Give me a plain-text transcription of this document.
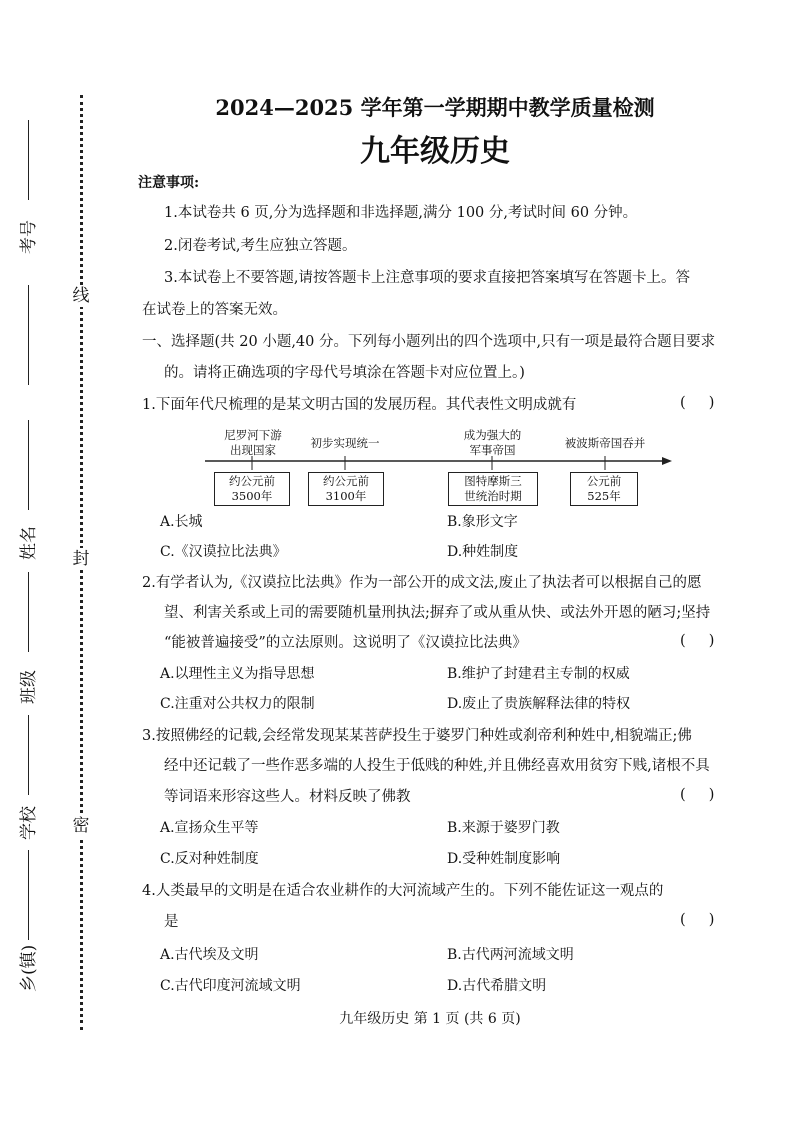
线
封
密
考号
姓名
班级
学校
乡(镇)
2024—2025 学年第一学期期中教学质量检测
九年级历史
注意事项:
1.本试卷共 6 页,分为选择题和非选择题,满分 100 分,考试时间 60 分钟。
2.闭卷考试,考生应独立答题。
3.本试卷上不要答题,请按答题卡上注意事项的要求直接把答案填写在答题卡上。答
在试卷上的答案无效。
一、选择题(共 20 小题,40 分。下列每小题列出的四个选项中,只有一项是最符合题目要求
的。请将正确选项的字母代号填涂在答题卡对应位置上。)
1.下面年代尺梳理的是某文明古国的发展历程。其代表性文明成就有	(     )
尼罗河下游
出现国家	初步实现统一
成为强大的
军事帝国	被波斯帝国吞并
约公元前
3500年
约公元前
3100年
图特摩斯三
世统治时期
公元前
525年
A.长城	B.象形文字
C.《汉谟拉比法典》	D.种姓制度
2.有学者认为,《汉谟拉比法典》作为一部公开的成文法,废止了执法者可以根据自己的愿
望、利害关系或上司的需要随机量刑执法;摒弃了或从重从快、或法外开恩的陋习;坚持
“能被普遍接受”的立法原则。这说明了《汉谟拉比法典》	(     )
A.以理性主义为指导思想	B.维护了封建君主专制的权威
C.注重对公共权力的限制	D.废止了贵族解释法律的特权
3.按照佛经的记载,会经常发现某某菩萨投生于婆罗门种姓或刹帝利种姓中,相貌端正;佛
经中还记载了一些作恶多端的人投生于低贱的种姓,并且佛经喜欢用贫穷下贱,诸根不具
等词语来形容这些人。材料反映了佛教	(     )
A.宣扬众生平等	B.来源于婆罗门教
C.反对种姓制度	D.受种姓制度影响
4.人类最早的文明是在适合农业耕作的大河流域产生的。下列不能佐证这一观点的
是	(     )
A.古代埃及文明	B.古代两河流域文明
C.古代印度河流域文明	D.古代希腊文明
九年级历史 第 1 页 (共 6 页)
